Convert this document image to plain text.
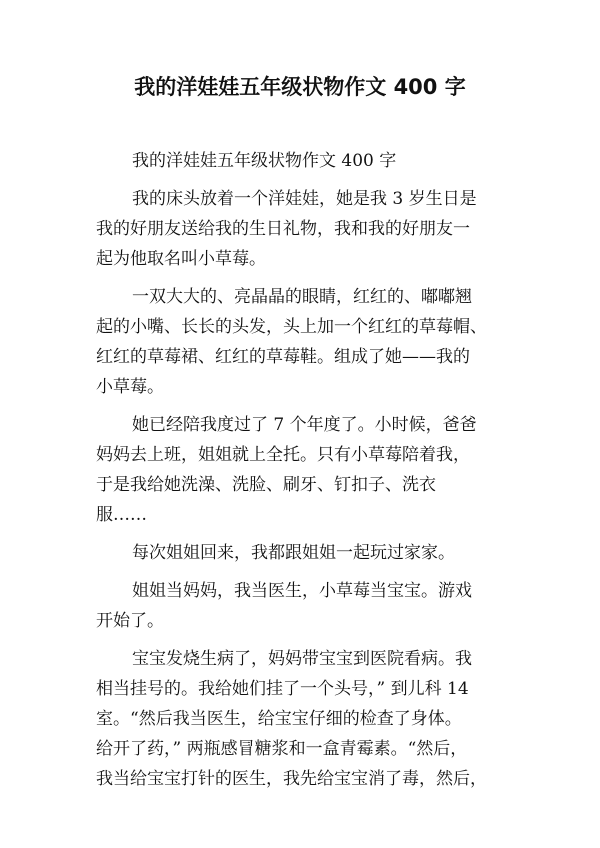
我的洋娃娃五年级状物作文 400 字
我的洋娃娃五年级状物作文 400 字
我的床头放着一个洋娃娃，她是我 3 岁生日是
我的好朋友送给我的生日礼物，我和我的好朋友一
起为他取名叫小草莓。
一双大大的、亮晶晶的眼睛，红红的、嘟嘟翘
起的小嘴、长长的头发，头上加一个红红的草莓帽、
红红的草莓裙、红红的草莓鞋。组成了她——我的
小草莓。
她已经陪我度过了 7 个年度了。小时候，爸爸
妈妈去上班，姐姐就上全托。只有小草莓陪着我，
于是我给她洗澡、洗脸、刷牙、钉扣子、洗衣
服……
每次姐姐回来，我都跟姐姐一起玩过家家。
姐姐当妈妈，我当医生，小草莓当宝宝。游戏
开始了。
宝宝发烧生病了，妈妈带宝宝到医院看病。我
相当挂号的。我给她们挂了一个头号，” 到儿科 14
室。“然后我当医生，给宝宝仔细的检查了身体。
给开了药，” 两瓶感冒糖浆和一盒青霉素。“然后，
我当给宝宝打针的医生，我先给宝宝消了毒，然后，
